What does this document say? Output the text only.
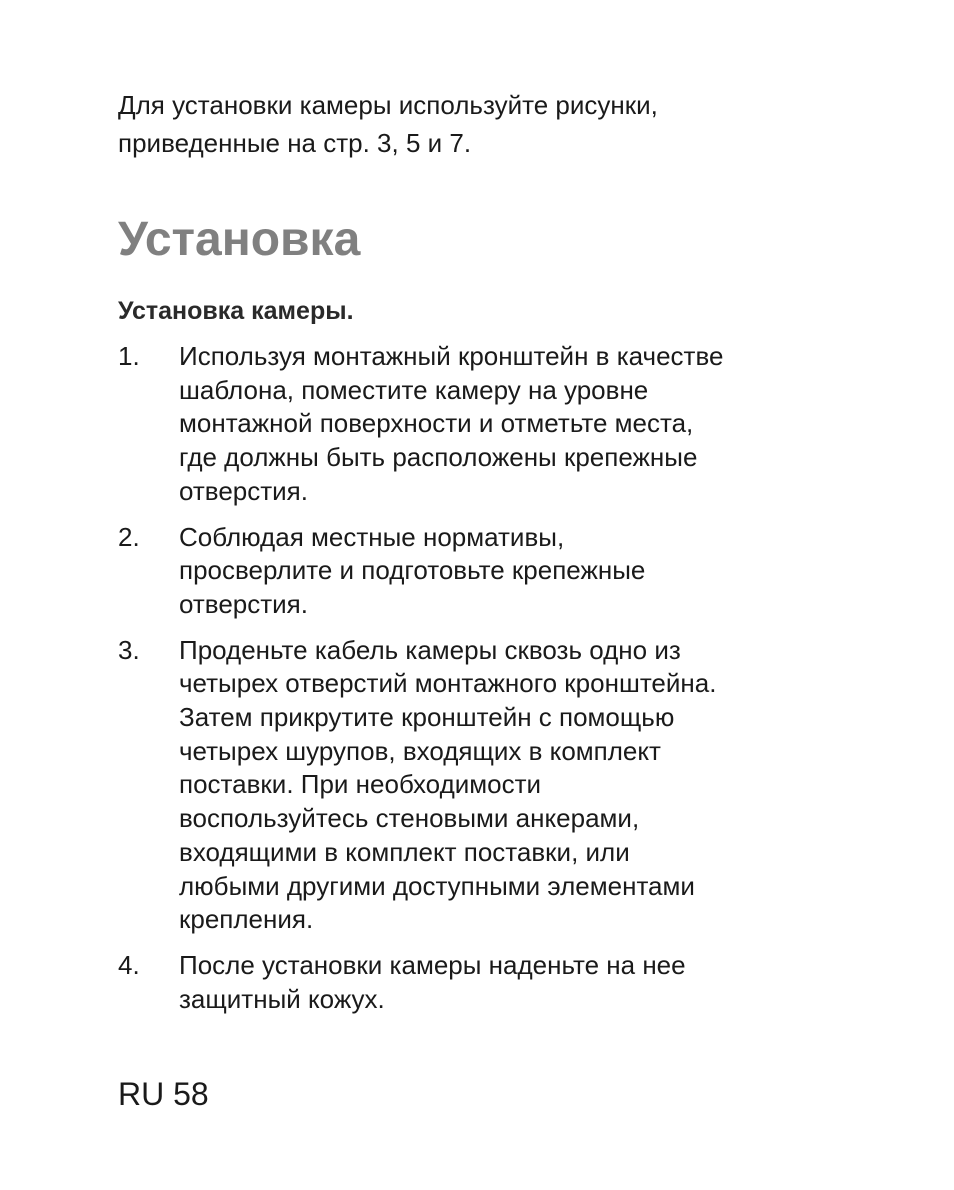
Для установки камеры используйте рисунки,
приведенные на стр. 3, 5 и 7.

Установка
Установка камеры.
1. Используя монтажный кронштейн в качестве
шаблона, поместите камеру на уровне
монтажной поверхности и отметьте места,
где должны быть расположены крепежные
отверстия.
2. Соблюдая местные нормативы,
просверлите и подготовьте крепежные
отверстия.
3. Проденьте кабель камеры сквозь одно из
четырех отверстий монтажного кронштейна.
Затем прикрутите кронштейн с помощью
четырех шурупов, входящих в комплект
поставки. При необходимости
воспользуйтесь стеновыми анкерами,
входящими в комплект поставки, или
любыми другими доступными элементами
крепления.
4. После установки камеры наденьте на нее
защитный кожух.

RU 58
